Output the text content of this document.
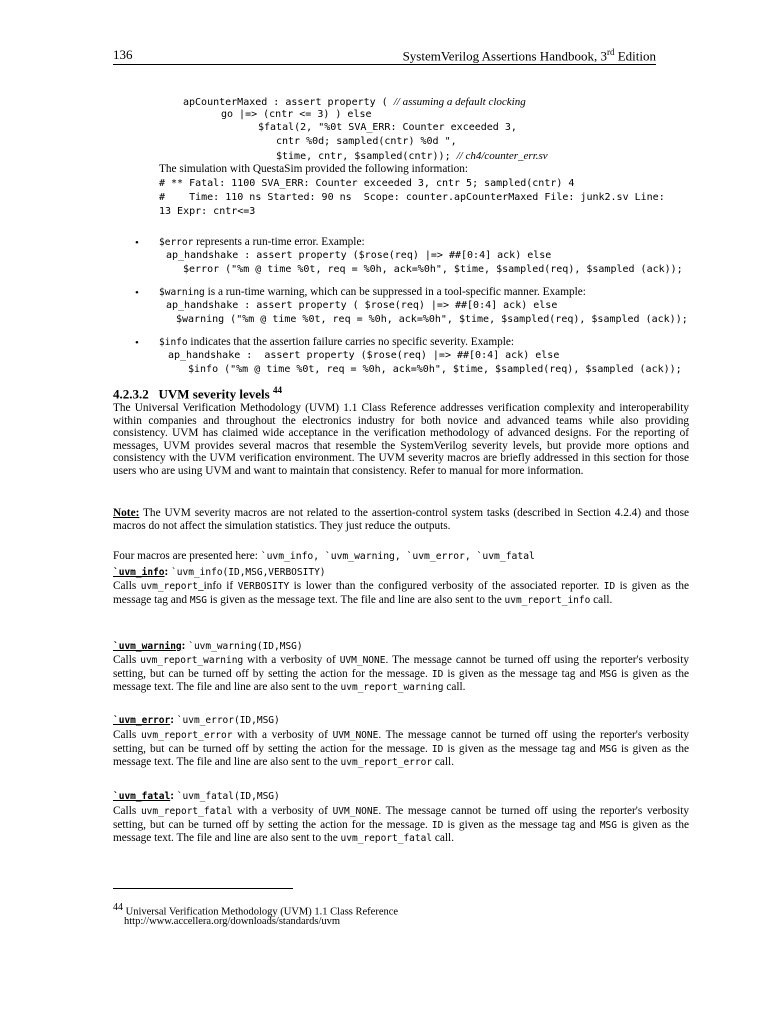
136	SystemVerilog Assertions Handbook, 3rd Edition
apCounterMaxed : assert property ( // assuming a default clocking
go |=> (cntr <= 3) ) else
$fatal(2, "%0t SVA_ERR: Counter exceeded 3,
cntr %0d; sampled(cntr) %0d ",
$time, cntr, $sampled(cntr)); // ch4/counter_err.sv
The simulation with QuestaSim provided the following information:
# ** Fatal: 1100 SVA_ERR: Counter exceeded 3, cntr 5; sampled(cntr) 4
#    Time: 110 ns Started: 90 ns  Scope: counter.apCounterMaxed File: junk2.sv Line:
13 Expr: cntr<=3
• $error represents a run-time error. Example:
ap_handshake : assert property ($rose(req) |=> ##[0:4] ack) else
$error ("%m @ time %0t, req = %0h, ack=%0h", $time, $sampled(req), $sampled (ack));
• $warning is a run-time warning, which can be suppressed in a tool-specific manner. Example:
ap_handshake : assert property ( $rose(req) |=> ##[0:4] ack) else
$warning ("%m @ time %0t, req = %0h, ack=%0h", $time, $sampled(req), $sampled (ack));
• $info indicates that the assertion failure carries no specific severity. Example:
ap_handshake :  assert property ($rose(req) |=> ##[0:4] ack) else
$info ("%m @ time %0t, req = %0h, ack=%0h", $time, $sampled(req), $sampled (ack));
4.2.3.2 UVM severity levels $^{44}$
The Universal Verification Methodology (UVM) 1.1 Class Reference addresses verification complexity and interoperability within companies and throughout the electronics industry for both novice and advanced teams while also providing consistency. UVM has claimed wide acceptance in the verification methodology of advanced designs. For the reporting of messages, UVM provides several macros that resemble the SystemVerilog severity levels, but provide more options and consistency with the UVM verification environment. The UVM severity macros are briefly addressed in this section for those users who are using UVM and want to maintain that consistency. Refer to manual for more information.
Note: The UVM severity macros are not related to the assertion-control system tasks (described in Section 4.2.4) and those macros do not affect the simulation statistics. They just reduce the outputs.
Four macros are presented here: `uvm_info, `uvm_warning, `uvm_error, `uvm_fatal
`uvm_info: `uvm_info(ID,MSG,VERBOSITY)
Calls uvm_report_info if VERBOSITY is lower than the configured verbosity of the associated reporter. ID is given as the message tag and MSG is given as the message text. The file and line are also sent to the uvm_report_info call.
`uvm_warning: `uvm_warning(ID,MSG)
Calls uvm_report_warning with a verbosity of UVM_NONE. The message cannot be turned off using the reporter's verbosity setting, but can be turned off by setting the action for the message. ID is given as the message tag and MSG is given as the message text. The file and line are also sent to the uvm_report_warning call.
`uvm_error: `uvm_error(ID,MSG)
Calls uvm_report_error with a verbosity of UVM_NONE. The message cannot be turned off using the reporter's verbosity setting, but can be turned off by setting the action for the message. ID is given as the message tag and MSG is given as the message text. The file and line are also sent to the uvm_report_error call.
`uvm_fatal: `uvm_fatal(ID,MSG)
Calls uvm_report_fatal with a verbosity of UVM_NONE. The message cannot be turned off using the reporter's verbosity setting, but can be turned off by setting the action for the message. ID is given as the message tag and MSG is given as the message text. The file and line are also sent to the uvm_report_fatal call.
$^{44}$ Universal Verification Methodology (UVM) 1.1 Class Reference
http://www.accellera.org/downloads/standards/uvm
